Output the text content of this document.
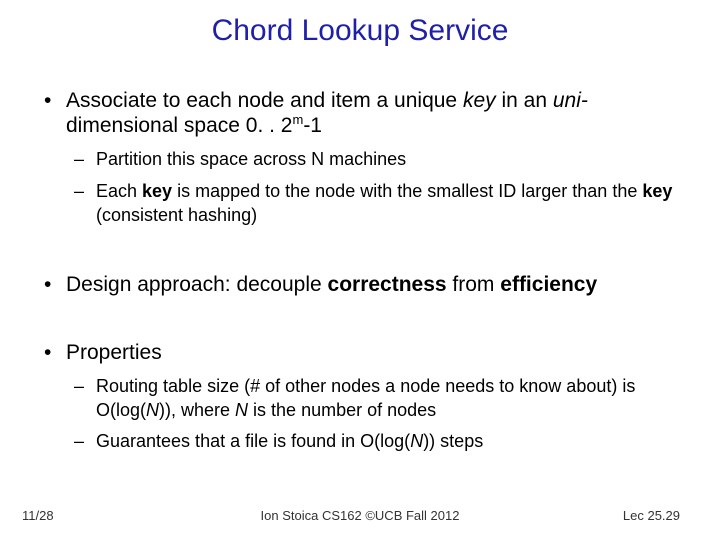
Chord Lookup Service
• Associate to each node and item a unique key in an uni-
dimensional space 0. . 2$^m$-1
– Partition this space across N machines
– Each key is mapped to the node with the smallest ID larger than the key (consistent hashing)
• Design approach: decouple correctness from efficiency
• Properties
– Routing table size (# of other nodes a node needs to know about) is O(log(N)), where N is the number of nodes
– Guarantees that a file is found in O(log(N)) steps
11/28	Ion Stoica CS162 ©UCB Fall 2012	Lec 25.29
